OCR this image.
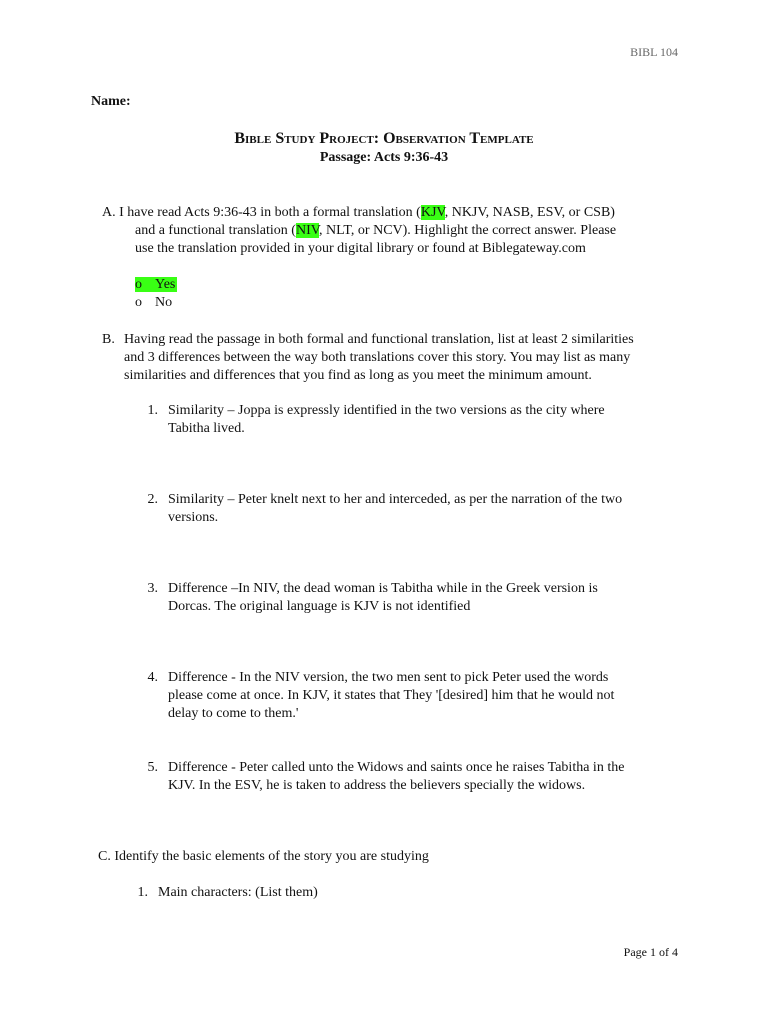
BIBL 104
Name:
Bible Study Project: Observation Template
Passage: Acts 9:36-43
A. I have read Acts 9:36-43 in both a formal translation (KJV, NKJV, NASB, ESV, or CSB)
and a functional translation (NIV, NLT, or NCV). Highlight the correct answer. Please
use the translation provided in your digital library or found at Biblegateway.com
o Yes
o No
B. Having read the passage in both formal and functional translation, list at least 2 similarities
and 3 differences between the way both translations cover this story. You may list as many
similarities and differences that you find as long as you meet the minimum amount.
1. Similarity – Joppa is expressly identified in the two versions as the city where
Tabitha lived.
2. Similarity – Peter knelt next to her and interceded, as per the narration of the two
versions.
3. Difference –In NIV, the dead woman is Tabitha while in the Greek version is
Dorcas. The original language is KJV is not identified
4. Difference - In the NIV version, the two men sent to pick Peter used the words
please come at once. In KJV, it states that They '[desired] him that he would not
delay to come to them.'
5. Difference - Peter called unto the Widows and saints once he raises Tabitha in the
KJV. In the ESV, he is taken to address the believers specially the widows.
C. Identify the basic elements of the story you are studying
1. Main characters: (List them)
Page 1 of 4
